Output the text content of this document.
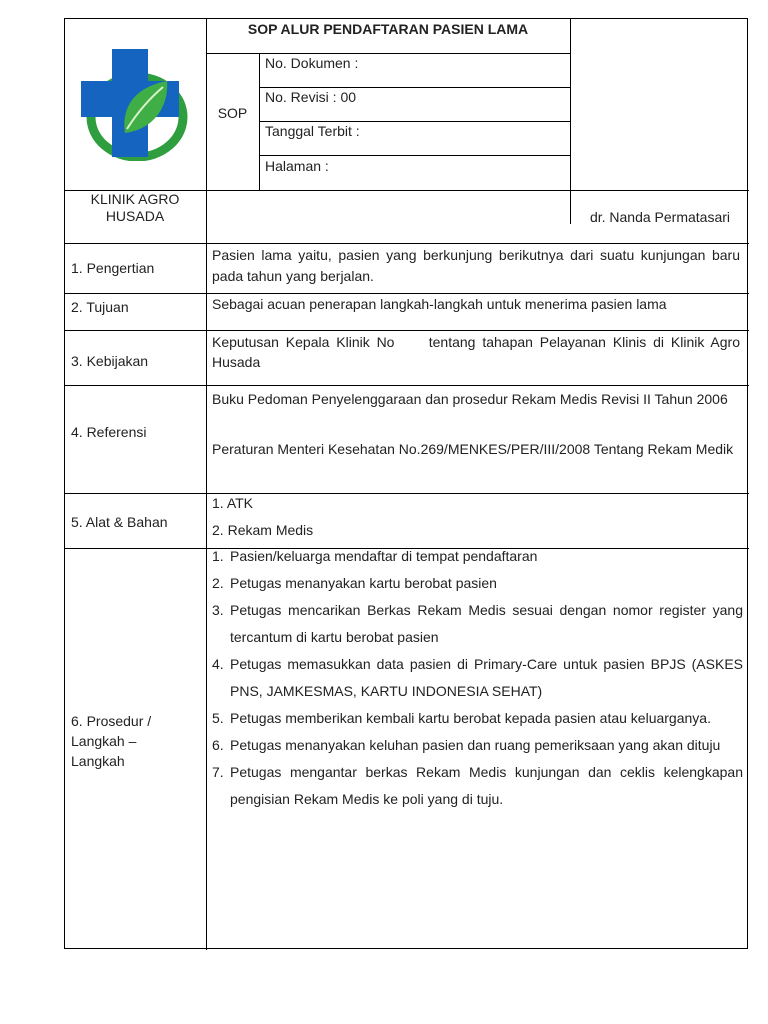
SOP ALUR PENDAFTARAN PASIEN LAMA
SOP
No. Dokumen :
No. Revisi : 00
Tanggal Terbit :
Halaman :
KLINIK AGRO HUSADA	dr. Nanda Permatasari
1. Pengertian
Pasien lama yaitu, pasien yang berkunjung berikutnya dari suatu kunjungan baru pada tahun yang berjalan.
2. Tujuan	Sebagai acuan penerapan langkah-langkah untuk menerima pasien lama
3. Kebijakan
Keputusan Kepala Klinik No     tentang tahapan Pelayanan Klinis di Klinik Agro Husada
4. Referensi
Buku Pedoman Penyelenggaraan dan prosedur Rekam Medis Revisi II Tahun 2006
Peraturan Menteri Kesehatan No.269/MENKES/PER/III/2008 Tentang Rekam Medik
5. Alat & Bahan
1. ATK
2. Rekam Medis
6. Prosedur / Langkah – Langkah
1. Pasien/keluarga mendaftar di tempat pendaftaran
2. Petugas menanyakan kartu berobat pasien
3. Petugas mencarikan Berkas Rekam Medis sesuai dengan nomor register yang tercantum di kartu berobat pasien
4. Petugas memasukkan data pasien di Primary-Care untuk pasien BPJS (ASKES PNS, JAMKESMAS, KARTU INDONESIA SEHAT)
5. Petugas memberikan kembali kartu berobat kepada pasien atau keluarganya.
6. Petugas menanyakan keluhan pasien dan ruang pemeriksaan yang akan dituju
7. Petugas mengantar berkas Rekam Medis kunjungan dan ceklis kelengkapan pengisian Rekam Medis ke poli yang di tuju.
